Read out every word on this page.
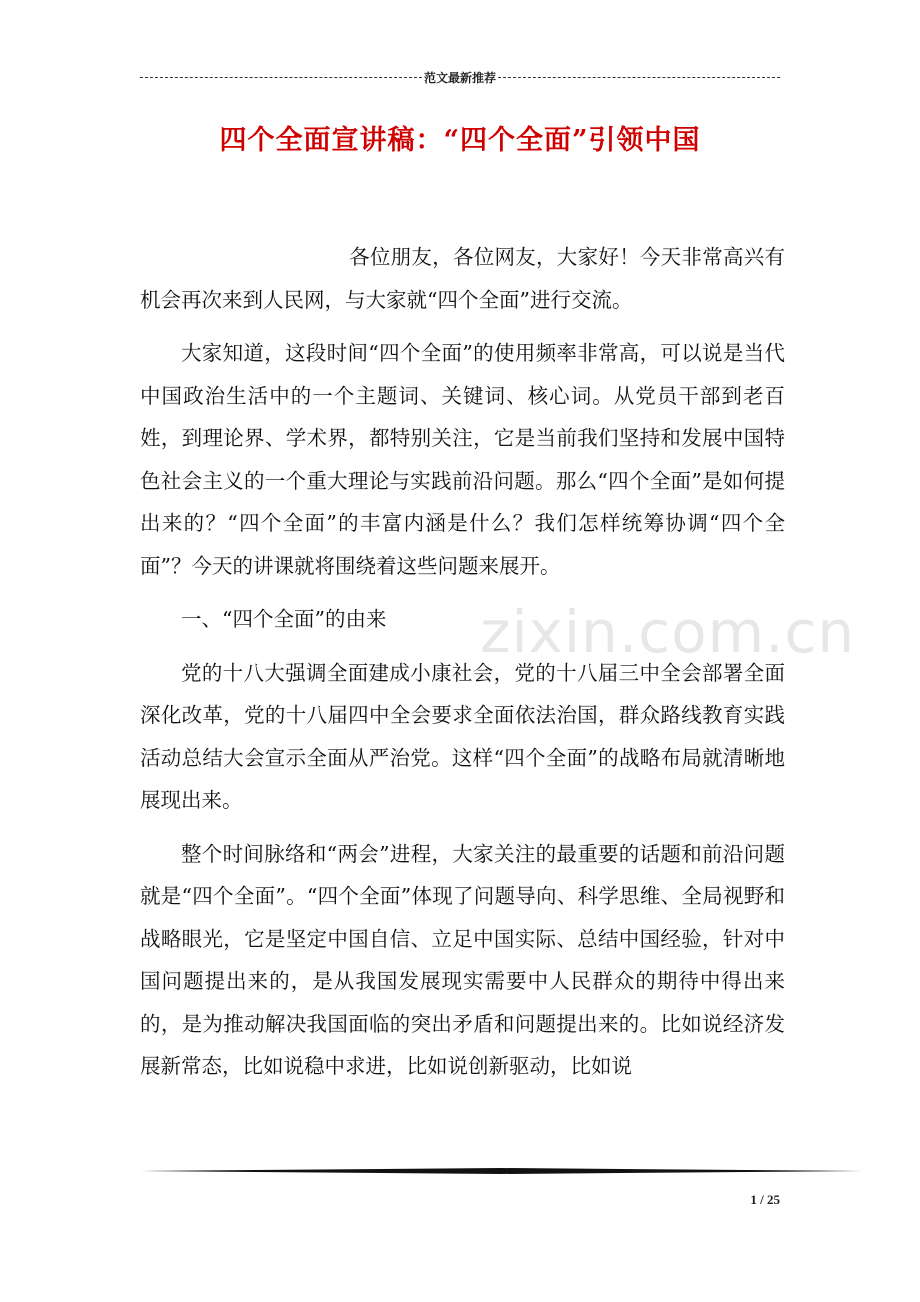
范文最新推荐
四个全面宣讲稿：“四个全面”引领中国

各位朋友，各位网友，大家好！今天非常高兴有机会再次来到人民网，与大家就“四个全面”进行交流。

大家知道，这段时间“四个全面”的使用频率非常高，可以说是当代中国政治生活中的一个主题词、关键词、核心词。从党员干部到老百姓，到理论界、学术界，都特别关注，它是当前我们坚持和发展中国特色社会主义的一个重大理论与实践前沿问题。那么“四个全面”是如何提出来的？“四个全面”的丰富内涵是什么？我们怎样统筹协调“四个全面”？今天的讲课就将围绕着这些问题来展开。

一、“四个全面”的由来

党的十八大强调全面建成小康社会，党的十八届三中全会部署全面深化改革，党的十八届四中全会要求全面依法治国，群众路线教育实践活动总结大会宣示全面从严治党。这样“四个全面”的战略布局就清晰地展现出来。

整个时间脉络和“两会”进程，大家关注的最重要的话题和前沿问题就是“四个全面”。“四个全面”体现了问题导向、科学思维、全局视野和战略眼光，它是坚定中国自信、立足中国实际、总结中国经验，针对中国问题提出来的，是从我国发展现实需要中人民群众的期待中得出来的，是为推动解决我国面临的突出矛盾和问题提出来的。比如说经济发展新常态，比如说稳中求进，比如说创新驱动，比如说

zixin.com.cn
1 / 25
